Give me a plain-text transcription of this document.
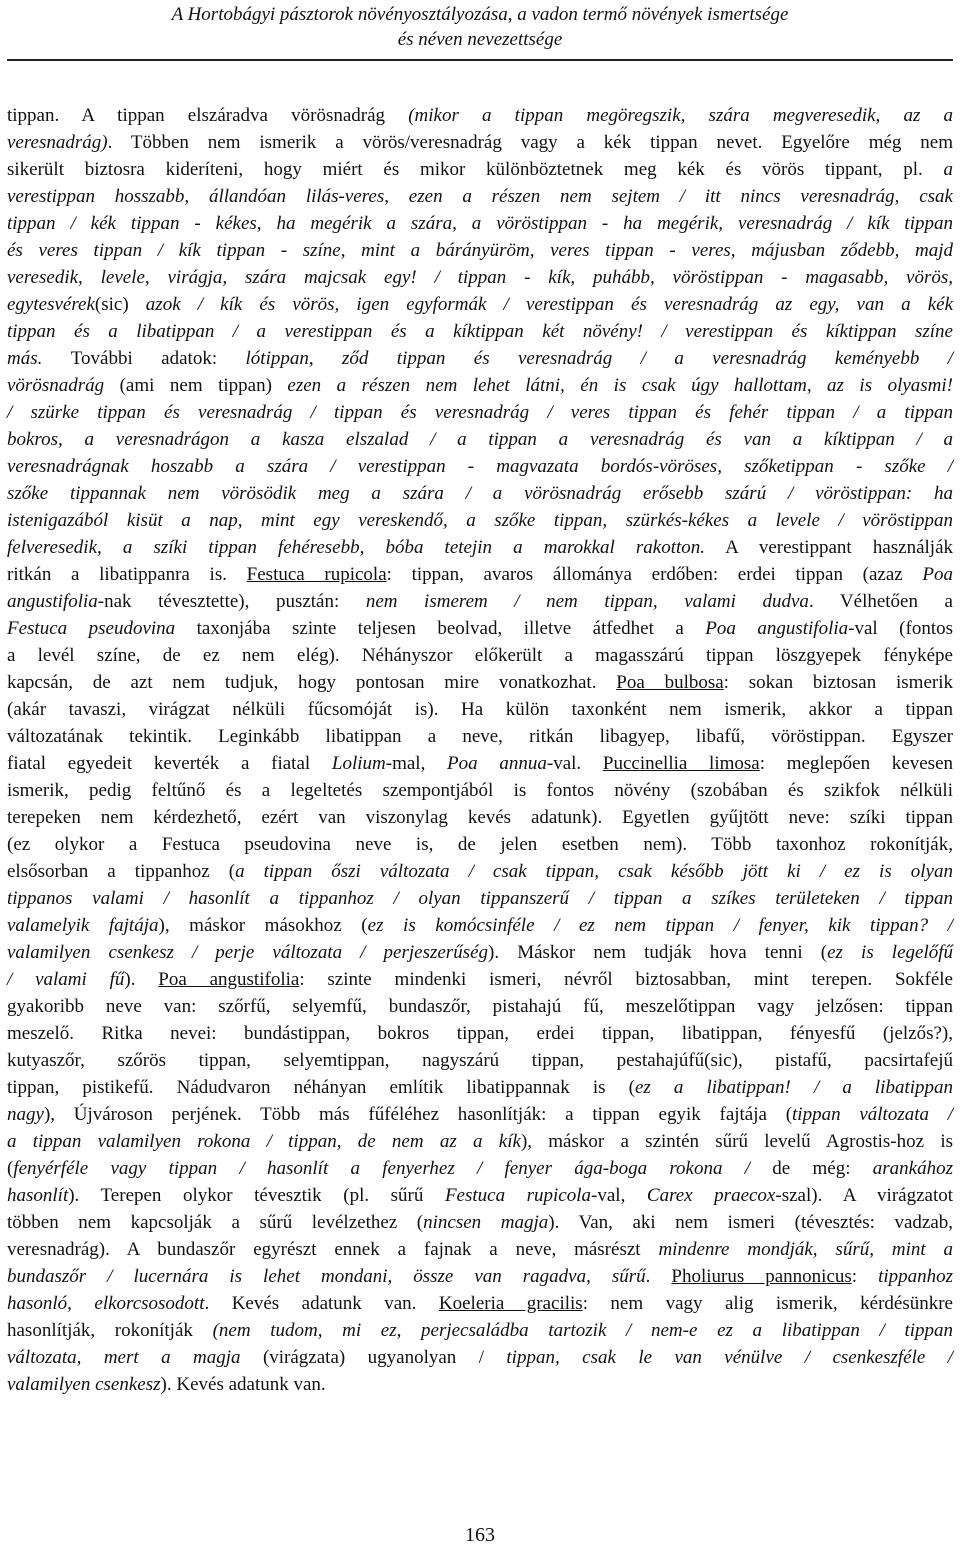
A Hortobágyi pásztorok növényosztályozása, a vadon termő növények ismertsége
és néven nevezettsége
tippan. A tippan elszáradva vörösnadrág (mikor a tippan megöregszik, szára megveresedik, az a
veresnadrág). Többen nem ismerik a vörös/veresnadrág vagy a kék tippan nevet. Egyelőre még nem
sikerült biztosra kideríteni, hogy miért és mikor különböztetnek meg kék és vörös tippant, pl. a
verestippan hosszabb, állandóan lilás-veres, ezen a részen nem sejtem / itt nincs veresnadrág, csak
tippan / kék tippan - kékes, ha megérik a szára, a vöröstippan - ha megérik, veresnadrág / kík tippan
és veres tippan / kík tippan - színe, mint a bárányüröm, veres tippan - veres, májusban ződebb, majd
veresedik, levele, virágja, szára majcsak egy! / tippan - kík, puhább, vöröstippan - magasabb, vörös,
egytesvérek(sic) azok / kík és vörös, igen egyformák / verestippan és veresnadrág az egy, van a kék
tippan és a libatippan / a verestippan és a kíktippan két növény! / verestippan és kíktippan színe
más. További adatok: lótippan, ződ tippan és veresnadrág / a veresnadrág keményebb /
vörösnadrág (ami nem tippan) ezen a részen nem lehet látni, én is csak úgy hallottam, az is olyasmi!
/ szürke tippan és veresnadrág / tippan és veresnadrág / veres tippan és fehér tippan / a tippan
bokros, a veresnadrágon a kasza elszalad / a tippan a veresnadrág és van a kíktippan / a
veresnadrágnak hoszabb a szára / verestippan - magvazata bordós-vöröses, szőketippan - szőke /
szőke tippannak nem vörösödik meg a szára / a vörösnadrág erősebb szárú / vöröstippan: ha
istenigazából kisüt a nap, mint egy vereskendő, a szőke tippan, szürkés-kékes a levele / vöröstippan
felveresedik, a szíki tippan fehéresebb, bóba tetejin a marokkal rakotton. A verestippant használják
ritkán a libatippanra is. Festuca rupicola: tippan, avaros állománya erdőben: erdei tippan (azaz Poa
angustifolia-nak tévesztette), pusztán: nem ismerem / nem tippan, valami dudva. Vélhetően a
Festuca pseudovina taxonjába szinte teljesen beolvad, illetve átfedhet a Poa angustifolia-val (fontos
a levél színe, de ez nem elég). Néhányszor előkerült a magasszárú tippan löszgyepek fényképe
kapcsán, de azt nem tudjuk, hogy pontosan mire vonatkozhat. Poa bulbosa: sokan biztosan ismerik
(akár tavaszi, virágzat nélküli fűcsomóját is). Ha külön taxonként nem ismerik, akkor a tippan
változatának tekintik. Leginkább libatippan a neve, ritkán libagyep, libafű, vöröstippan. Egyszer
fiatal egyedeit keverték a fiatal Lolium-mal, Poa annua-val. Puccinellia limosa: meglepően kevesen
ismerik, pedig feltűnő és a legeltetés szempontjából is fontos növény (szobában és szikfok nélküli
terepeken nem kérdezhető, ezért van viszonylag kevés adatunk). Egyetlen gyűjtött neve: szíki tippan
(ez olykor a Festuca pseudovina neve is, de jelen esetben nem). Több taxonhoz rokonítják,
elsősorban a tippanhoz (a tippan őszi változata / csak tippan, csak később jött ki / ez is olyan
tippanos valami / hasonlít a tippanhoz / olyan tippanszerű / tippan a szíkes területeken / tippan
valamelyik fajtája), máskor másokhoz (ez is komócsinféle / ez nem tippan / fenyer, kik tippan? /
valamilyen csenkesz / perje változata / perjeszerűség). Máskor nem tudják hova tenni (ez is legelőfű
/ valami fű). Poa angustifolia: szinte mindenki ismeri, névről biztosabban, mint terepen. Sokféle
gyakoribb neve van: szőrfű, selyemfű, bundaszőr, pistahajú fű, meszelőtippan vagy jelzősen: tippan
meszelő. Ritka nevei: bundástippan, bokros tippan, erdei tippan, libatippan, fényesfű (jelzős?),
kutyaszőr, szőrös tippan, selyemtippan, nagyszárú tippan, pestahajúfű(sic), pistafű, pacsirtafejű
tippan, pistikefű. Nádudvaron néhányan említik libatippannak is (ez a libatippan! / a libatippan
nagy), Újvároson perjének. Több más fűféléhez hasonlítják: a tippan egyik fajtája (tippan változata /
a tippan valamilyen rokona / tippan, de nem az a kík), máskor a szintén sűrű levelű Agrostis-hoz is
(fenyérféle vagy tippan / hasonlít a fenyerhez / fenyer ága-boga rokona / de még: arankához
hasonlít). Terepen olykor tévesztik (pl. sűrű Festuca rupicola-val, Carex praecox-szal). A virágzatot
többen nem kapcsolják a sűrű levélzethez (nincsen magja). Van, aki nem ismeri (tévesztés: vadzab,
veresnadrág). A bundaszőr egyrészt ennek a fajnak a neve, másrészt mindenre mondják, sűrű, mint a
bundaszőr / lucernára is lehet mondani, össze van ragadva, sűrű. Pholiurus pannonicus: tippanhoz
hasonló, elkorcsosodott. Kevés adatunk van. Koeleria gracilis: nem vagy alig ismerik, kérdésünkre
hasonlítják, rokonítják (nem tudom, mi ez, perjecsaládba tartozik / nem-e ez a libatippan / tippan
változata, mert a magja (virágzata) ugyanolyan / tippan, csak le van vénülve / csenkeszféle /
valamilyen csenkesz). Kevés adatunk van.
163
